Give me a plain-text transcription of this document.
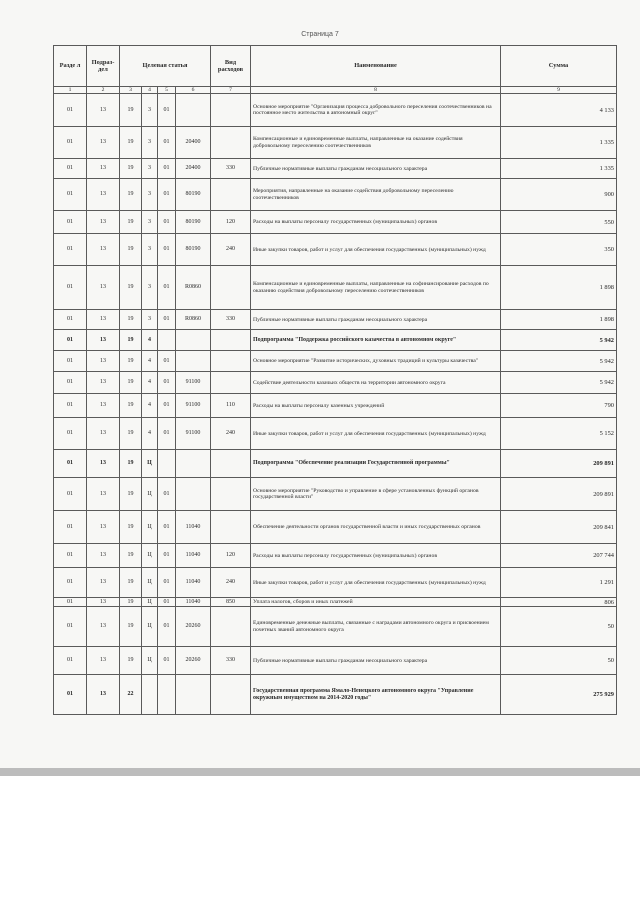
Страница 7
Разде л	Подраз- дел	Целевая статья				Вид расходов	Наименование	Сумма
1	2	3	4	5	6	7	8	9
01	13	19	3	01			Основное мероприятие "Организация процесса добровольного переселения соотечественников на постоянное место жительства в автономный округ"	4 133
01	13	19	3	01	20400		Компенсационные и единовременные выплаты, направленные на оказание содействия добровольному переселению соотечественников	1 335
01	13	19	3	01	20400	330	Публичные нормативные выплаты гражданам несоциального характера	1 335
01	13	19	3	01	80190		Мероприятия, направленные на оказание содействия добровольному переселению соотечественников	900
01	13	19	3	01	80190	120	Расходы на выплаты персоналу государственных (муниципальных) органов	550
01	13	19	3	01	80190	240	Иные закупки товаров, работ и услуг для обеспечения государственных (муниципальных) нужд	350
01	13	19	3	01	R0860		Компенсационные и единовременные выплаты, направленные на софинансирование расходов по оказанию содействия добровольному переселению соотечественников	1 898
01	13	19	3	01	R0860	330	Публичные нормативные выплаты гражданам несоциального характера	1 898
01	13	19	4				Подпрограмма "Поддержка российского казачества в автономном округе"	5 942
01	13	19	4	01			Основное мероприятие "Развитие исторических, духовных традиций и культуры казачества"	5 942
01	13	19	4	01	91100		Содействие деятельности казачьих обществ на территории автономного округа	5 942
01	13	19	4	01	91100	110	Расходы на выплаты персоналу казенных учреждений	790
01	13	19	4	01	91100	240	Иные закупки товаров, работ и услуг для обеспечения государственных (муниципальных) нужд	5 152
01	13	19	Ц				Подпрограмма "Обеспечение реализации Государственной программы"	209 891
01	13	19	Ц	01			Основное мероприятие "Руководство и управление в сфере установленных функций органов государственной власти"	209 891
01	13	19	Ц	01	11040		Обеспечение деятельности органов государственной власти и иных государственных органов	209 841
01	13	19	Ц	01	11040	120	Расходы на выплаты персоналу государственных (муниципальных) органов	207 744
01	13	19	Ц	01	11040	240	Иные закупки товаров, работ и услуг для обеспечения государственных (муниципальных) нужд	1 291
01	13	19	Ц	01	11040	850	Уплата налогов, сборов и иных платежей	806
01	13	19	Ц	01	20260		Единовременные денежные выплаты, связанные с наградами автономного округа и присвоением почетных званий автономного округа	50
01	13	19	Ц	01	20260	330	Публичные нормативные выплаты гражданам несоциального характера	50
01	13	22					Государственная программа Ямало-Ненецкого автономного округа "Управление окружным имуществом на 2014-2020 годы"	275 929
